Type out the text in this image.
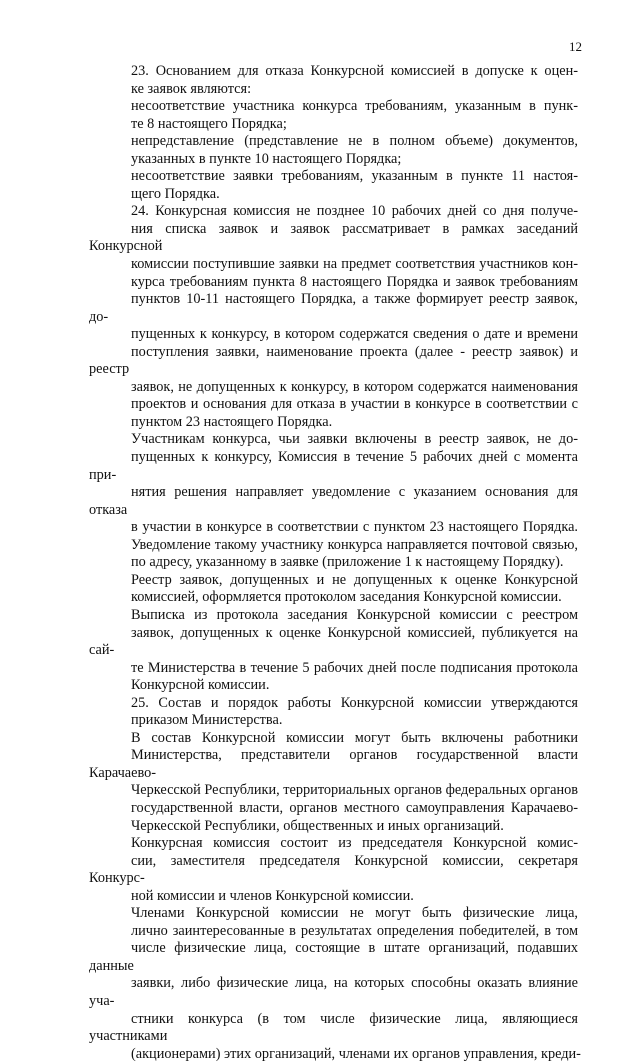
12
23. Основанием для отказа Конкурсной комиссией в допуске к оцен-
ке заявок являются:
несоответствие участника конкурса требованиям, указанным в пунк-
те 8 настоящего Порядка;
непредставление (представление не в полном объеме) документов,
указанных в пункте 10 настоящего Порядка;
несоответствие заявки требованиям, указанным в пункте 11 настоя-
щего Порядка.
24. Конкурсная комиссия не позднее 10 рабочих дней со дня получе-
ния списка заявок и заявок рассматривает в рамках заседаний Конкурсной
комиссии поступившие заявки на предмет соответствия участников кон-
курса требованиям пункта 8 настоящего Порядка и заявок требованиям
пунктов 10-11 настоящего Порядка, а также формирует реестр заявок, до-
пущенных к конкурсу, в котором содержатся сведения о дате и времени
поступления заявки, наименование проекта (далее - реестр заявок) и реестр
заявок, не допущенных к конкурсу, в котором содержатся наименования
проектов и основания для отказа в участии в конкурсе в соответствии с
пунктом 23 настоящего Порядка.
Участникам конкурса, чьи заявки включены в реестр заявок, не до-
пущенных к конкурсу, Комиссия в течение 5 рабочих дней с момента при-
нятия решения направляет уведомление с указанием основания для отказа
в участии в конкурсе в соответствии с пунктом 23 настоящего Порядка.
Уведомление такому участнику конкурса направляется почтовой связью,
по адресу, указанному в заявке (приложение 1 к настоящему Порядку).
Реестр заявок, допущенных и не допущенных к оценке Конкурсной
комиссией, оформляется протоколом заседания Конкурсной комиссии.
Выписка из протокола заседания Конкурсной комиссии с реестром
заявок, допущенных к оценке Конкурсной комиссией, публикуется на сай-
те Министерства в течение 5 рабочих дней после подписания протокола
Конкурсной комиссии.
25. Состав и порядок работы Конкурсной комиссии утверждаются
приказом Министерства.
В состав Конкурсной комиссии могут быть включены работники
Министерства, представители органов государственной власти Карачаево-
Черкесской Республики, территориальных органов федеральных органов
государственной власти, органов местного самоуправления Карачаево-
Черкесской Республики, общественных и иных организаций.
Конкурсная комиссия состоит из председателя Конкурсной комис-
сии, заместителя председателя Конкурсной комиссии, секретаря Конкурс-
ной комиссии и членов Конкурсной комиссии.
Членами Конкурсной комиссии не могут быть физические лица,
лично заинтересованные в результатах определения победителей, в том
числе физические лица, состоящие в штате организаций, подавших данные
заявки, либо физические лица, на которых способны оказать влияние уча-
стники конкурса (в том числе физические лица, являющиеся участниками
(акционерами) этих организаций, членами их органов управления, креди-
